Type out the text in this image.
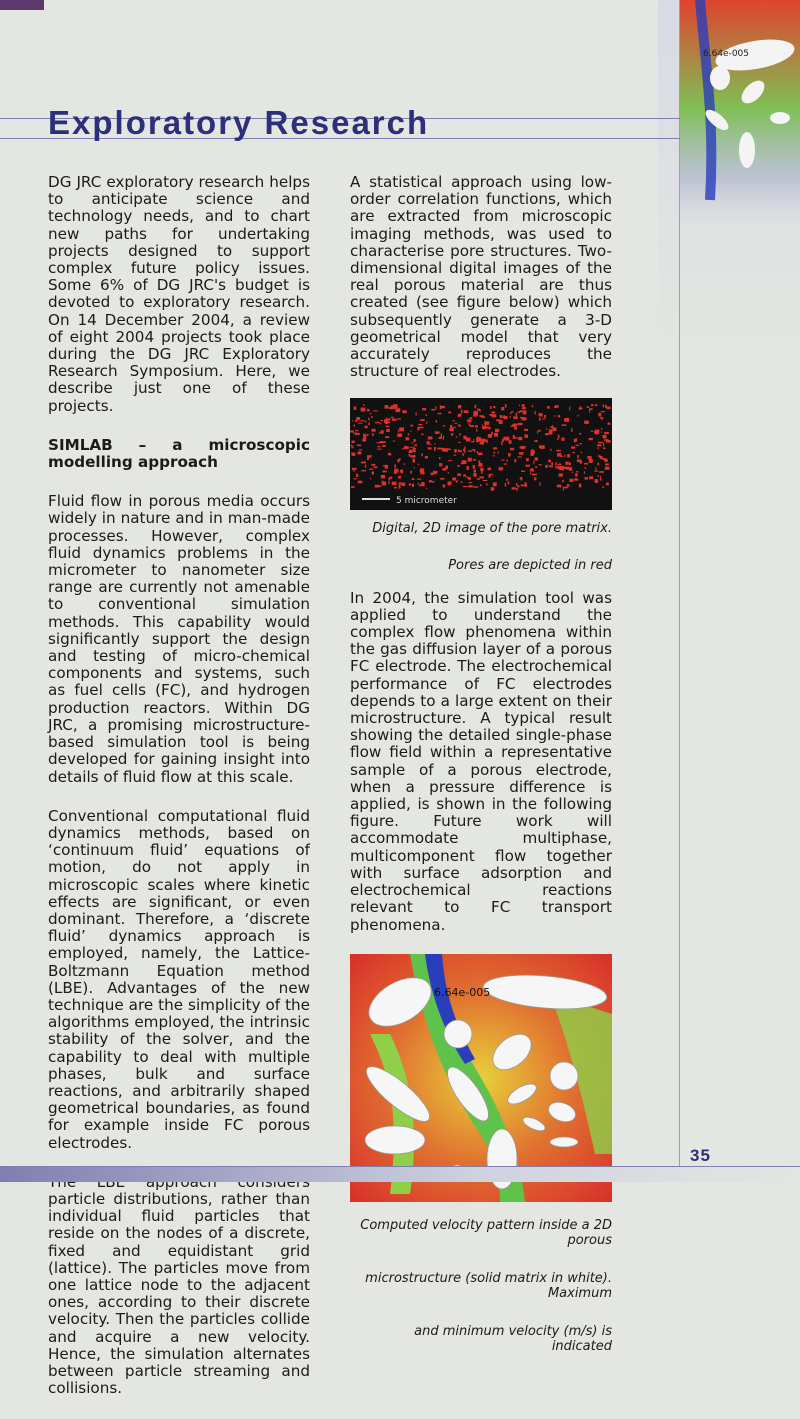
6.64e-005
Exploratory Research

DG JRC exploratory research helps to anticipate science and technology needs, and to chart new paths for undertaking projects designed to support complex future policy issues. Some 6% of DG JRC's budget is devoted to exploratory research. On 14 December 2004, a review of eight 2004 projects took place during the DG JRC Exploratory Research Symposium. Here, we describe just one of these projects.

SIMLAB – a microscopic modelling approach

Fluid flow in porous media occurs widely in nature and in man-made processes. However, complex fluid dynamics problems in the micrometer to nanometer size range are currently not amenable to conventional simulation methods. This capability would significantly support the design and testing of micro-chemical components and systems, such as fuel cells (FC), and hydrogen production reactors. Within DG JRC, a promising microstructure-based simulation tool is being developed for gaining insight into details of fluid flow at this scale.

Conventional computational fluid dynamics methods, based on ‘continuum fluid’ equations of motion, do not apply in microscopic scales where kinetic effects are significant, or even dominant. Therefore, a ‘discrete fluid’ dynamics approach is employed, namely, the Lattice-Boltzmann Equation method (LBE). Advantages of the new technique are the simplicity of the algorithms employed, the intrinsic stability of the solver, and the capability to deal with multiple phases, bulk and surface reactions, and arbitrarily shaped geometrical boundaries, as found for example inside FC porous electrodes.

particle distributions, rather than individual fluid particles that reside on the nodes of a discrete, fixed and equidistant grid (lattice). The particles move from one lattice node to the adjacent ones, according to their discrete velocity. Then the particles collide and acquire a new velocity. Hence, the simulation alternates between particle streaming and collisions.

A statistical approach using low-order correlation functions, which are extracted from microscopic imaging methods, was used to characterise pore structures. Two-dimensional digital images of the real porous material are thus created (see figure below) which subsequently generate a 3-D geometrical model that very accurately reproduces the structure of real electrodes.

5 micrometer

Digital, 2D image of the pore matrix.

Pores are depicted in red

In 2004, the simulation tool was applied to understand the complex flow phenomena within the gas diffusion layer of a porous FC electrode. The electrochemical performance of FC electrodes depends to a large extent on their microstructure. A typical result showing the detailed single-phase flow field within a representative sample of a porous electrode, when a pressure difference is applied, is shown in the following figure. Future work will accommodate multiphase, multicomponent flow together with surface adsorption and electrochemical reactions relevant to FC transport phenomena.

6.64e-005

Computed velocity pattern inside a 2D porous

microstructure (solid matrix in white). Maximum

and minimum velocity (m/s) is indicated

35
